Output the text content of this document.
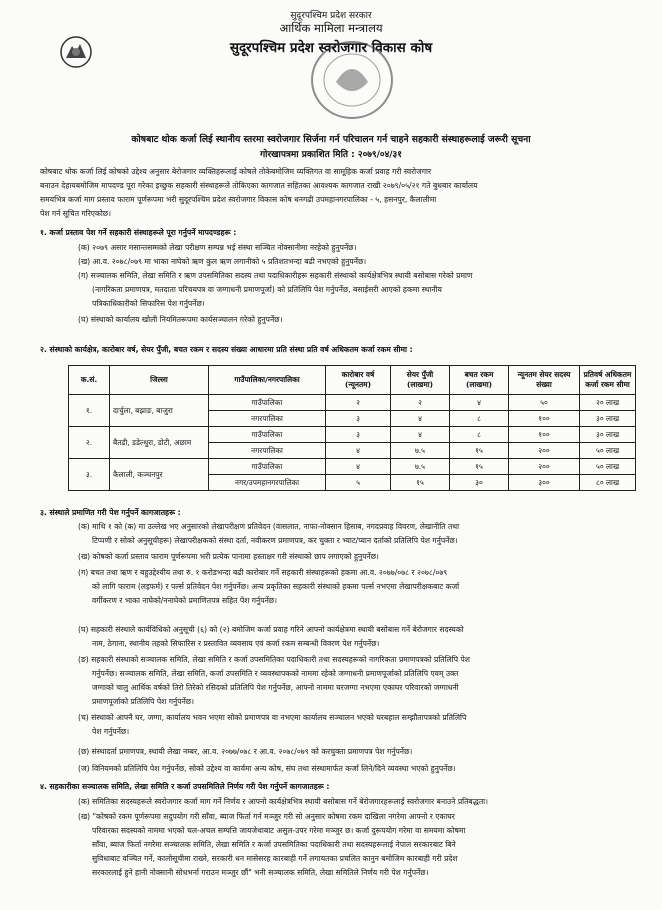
सुदूरपश्चिम प्रदेश सरकार
आर्थिक मामिला मन्त्रालय
सुदूरपश्चिम प्रदेश स्वरोजगार विकास कोष
कोषबाट थोक कर्जा लिई स्थानीय स्तरमा स्वरोजगार सिर्जना गर्न परिचालन गर्न चाहने सहकारी संस्थाहरूलाई जरूरी सूचना
गोरखापत्रमा प्रकाशित मिति : २०७९/०४/३१
कोषबाट थोक कर्जा लिई कोषको उद्देश्य अनुसार बेरोजगार व्यक्तिहरूलाई कोषले तोकेबमोजिम व्यक्तिगत वा सामूहिक कर्जा प्रवाह गरी स्वरोजगार
बनाउन देहायबमोजिम मापदण्ड पूरा गरेका इच्छुक सहकारी संस्थाहरूले तोकिएका कागजात सहितका आवश्यक कागजात राखी २०७९/०५/२१ गते बुधबार कार्यालय
समयभित्र कर्जा माग प्रस्ताव फाराम पूर्णरूपमा भरी सुदूरपश्चिम प्रदेश स्वरोजगार विकास कोष धनगढी उपमहानगरपालिका - ५, हसनपुर, कैलालीमा
पेश गर्न सूचित गरिएकोछ।
१. कर्जा प्रस्ताव पेश गर्ने सहकारी संस्थाहरूले पूरा गर्नुपर्ने मापदण्डहरू :
(क) २०७९ असार मसान्तसम्मको लेखा परीक्षण सम्पन्न भई संस्था सञ्चित नोक्सानीमा नरहेको हुनुपर्नेछ।
(ख) आ.व. २०७८/०७९ मा भाका नाघेको ऋण कुल ऋण लगानीको ५ प्रतिशतभन्दा बढी नभएको हुनुपर्नेछ।
(ग) सञ्चालक समिति, लेखा समिति र ऋण उपसमितिका सदस्य तथा पदाधिकारीहरू सहकारी संस्थाको कार्यक्षेत्रभित्र स्थायी बसोबास गरेको प्रमाण
(नागरिकता प्रमाणपत्र, मतदाता परिचयपत्र वा जग्गाधनी प्रमाणपूर्जा) को प्रतिलिपि पेश गर्नुपर्नेछ, बसाईसरी आएको हकमा स्थानीय
पत्रिकाधिकारीको सिफारिस पेश गर्नुपर्नेछ।
(घ) संस्थाको कार्यालय खोली नियमितरूपमा कार्यसञ्चालन गरेको हुनुपर्नेछ।
२. संस्थाको कार्यक्षेत्र, कारोबार वर्ष, सेयर पुँजी, बचत रकम र सदस्य संख्या आधारमा प्रति संस्था प्रति वर्ष अधिकतम कर्जा रकम सीमा :
क.सं.	जिल्ला	गाउँपालिका/नगरपालिका	कारोबार वर्ष (न्यूनतम)	सेयर पुँजी (लाखमा)	बचत रकम (लाखमा)	न्यूनतम सेयर सदस्य संख्या	प्रतिवर्ष अधिकतम कर्जा रकम सीमा
१.	दार्चुला, बझाङ, बाजुरा	गाउँपालिका	२	२	४	५०	२० लाख
		नगरपालिका	३	४	८	१००	३० लाख
२.	बैतडी, डडेल्धुरा, डोटी, अछाम	गाउँपालिका	३	४	८	१००	३० लाख
		नगरपालिका	४	७.५	१५	२००	५० लाख
३.	कैलाली, कञ्चनपुर	गाउँपालिका	४	७.५	१५	२००	५० लाख
		नगर/उपमहानगरपालिका	५	१५	३०	३००	८० लाख
३. संस्थाले प्रमाणित गरी पेश गर्नुपर्ने कागजातहरू :
(क) माथि १ को (क) मा उल्लेख भए अनुसारको लेखापरीक्षण प्रतिवेदन (वासलात, नाफा-नोक्सान हिसाब, नगदप्रवाह विवरण, लेखानीति तथा
टिप्पणी र सोको अनुसूचीहरू) लेखापरीक्षकको संस्था दर्ता, नवीकरण प्रमाणपत्र, कर चुक्ता र भ्याट/प्यान दर्ताको प्रतिलिपि पेश गर्नुपर्नेछ।
(ख) कोषको कर्जा प्रस्ताव फाराम पूर्णरूपमा भरी प्रत्येक पानामा हस्ताक्षर गरी संस्थाको छाप लगाएको हुनुपर्नेछ।
(ग) बचत तथा ऋण र बहुउद्देश्यीय तथा रु. १ करोडभन्दा बढी कारोबार गर्ने सहकारी संस्थाहरूको हकमा आ.व. २०७७/०७८ र २०७८/०७९
को लागि फाराम (लइफर्म) र पर्ल्स प्रतिवेदन पेश गर्नुपर्नेछ। अन्य प्रकृतिका सहकारी संस्थाको हकमा पर्ल्स नभएमा लेखापरीक्षकबाट कर्जा
वर्गीकरण र भाका नाघेको/ननाघेको प्रमाणितपत्र सहित पेश गर्नुपर्नेछ।
(घ) सहकारी संस्थाले कार्यविधिको अनुसूची (६) को (२) बमोजिम कर्जा प्रवाह गरिने आफ्नो कार्यक्षेत्रमा स्थायी बसोबास गर्ने बेरोजगार सदस्यको
नाम, ठेगाना, स्थानीय तहको सिफारिस र प्रस्तावित व्यवसाय एवं कर्जा रकम सम्बन्धी विवरण पेश गर्नुपर्नेछ।
(ङ) सहकारी संस्थाको सञ्चालक समिति, लेखा समिति र कर्जा उपसमितिका पदाधिकारी तथा सदस्यहरूको नागरिकता प्रमाणपत्रको प्रतिलिपि पेश
गर्नुपर्नेछ। सञ्चालक समिति, लेखा समिति, कर्जा उपसमिति र व्यवस्थापकको नाममा रहेको जग्गाधनी प्रमाणपूर्जाको प्रतिलिपि एवम् उक्त
जग्गाको चालु आर्थिक वर्षको तिरो तिरेको रसिदको प्रतिलिपि पेश गर्नुपर्नेछ, आफ्नो नाममा घरजग्गा नभएमा एकाघर परिवारको जग्गाधनी
प्रमाणपूर्जाको प्रतिलिपि पेश गर्नुपर्नेछ।
(च) संस्थाको आफ्नै घर, जग्गा, कार्यालय भवन भएमा सोको प्रमाणपत्र वा नभएमा कार्यालय सञ्चालन भएको घरबहाल सम्झौतापत्रको प्रतिलिपि
पेश गर्नुपर्नेछ।
(छ) संस्थादर्ता प्रमाणपत्र, स्थायी लेखा नम्बर, आ.व. २०७७/०७८ र आ.व. २०७८/०७९ को करचुक्ता प्रमाणपत्र पेश गर्नुपर्नेछ।
(ज) विनियमको प्रतिलिपि पेश गर्नुपर्नेछ, सोको उद्देश्य वा कार्यमा अन्य कोष, संघ तथा संस्थामार्फत कर्जा लिने/दिने व्यवस्था भएको हुनुपर्नेछ।
४. सहकारीका सञ्चालक समिति, लेखा समिति र कर्जा उपसमितिले निर्णय गरी पेश गर्नुपर्ने कागजातहरू :
(क) समितिका सदस्यहरूले स्वरोजगार कर्जा माग गर्ने निर्णय र आफ्नो कार्यक्षेत्रभित्र स्थायी बसोबास गर्ने बेरोजगारहरूलाई स्वरोजगार बनाउने प्रतिबद्धता।
(ख) "कोषको रकम पूर्णरूपमा सदुपयोग गरी साँवा, ब्याज फिर्ता गर्न मञ्जुर गरी सो अनुसार कोषमा रकम दाखिला नगरेमा आफ्नो र एकाघर
परिवारका सदस्यको नाममा भएको चल-अचल सम्पत्ति जायजेथाबाट असुल-उपर गरेमा मञ्जुर छ। कर्जा दुरूपयोग गरेमा वा समयमा कोषमा
साँवा, ब्याज फिर्ता नगरेमा सञ्चालक समिति, लेखा समिति र कर्जा उपसमितिका पदाधिकारी तथा सदस्यहरूलाई नेपाल सरकारबाट बिने
सुविधाबाट वञ्चित गर्ने, कालोसूचीमा राख्ने, सरकारी धन मासेसरह कारबाही गर्ने लगायतका प्रचलित कानुन बमोजिम कारबाही गरी प्रदेश
सरकारलाई हुने हानी नोक्सानी सोधभर्ना गराउन मञ्जुर छौं" भनी सञ्चालक समिति, लेखा समितिले निर्णय गरी पेश गर्नुपर्नेछ।
